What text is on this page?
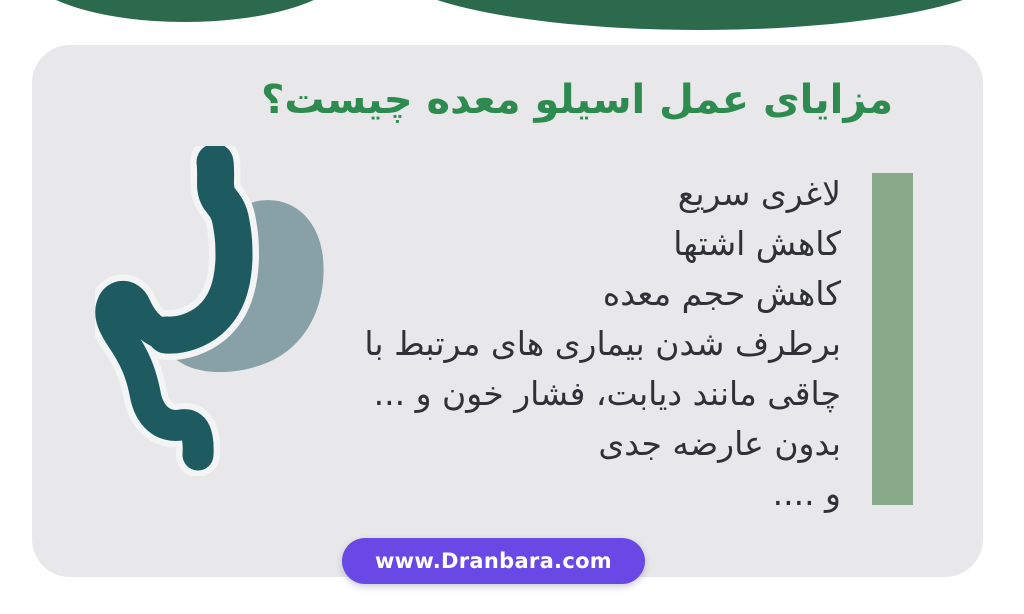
مزایای عمل اسیلو معده چیست؟
لاغری سریع
کاهش اشتها
کاهش حجم معده
برطرف شدن بیماری های مرتبط با
چاقی مانند دیابت، فشار خون و ...
بدون عارضه جدی
و ....
www.Dranbara.com
